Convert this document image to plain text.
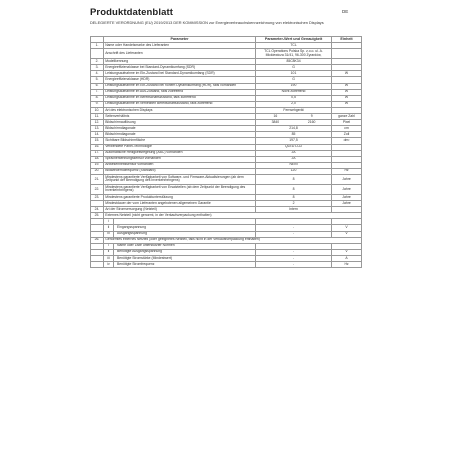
Produktdatenblatt	DE
DELEGIERTE VERORDNUNG (EU) 2019/2013 DER KOMMISSION zur Energieverbrauchskennzeichnung von elektronischen Displays
	Parameter		Parameter-Wert und Genauigkeit	Einheit
1.	Name oder Handelsmarke des Lieferanten		TCL	
	Anschrift des Lieferanten		TCL Operations Polska Sp. z.o.o. ul. A. Mickiewicza 31/41, 96-300 Żyrardów,	
2.	Modellkennung		85C8K34	
3.	Energieeffizienzklasse bei Standard-Dynamikumfang (SDR)		G	
4.	Leistungsaufnahme im Ein-Zustand bei Standard-Dynamikumfang (SDR)		101	W
5.	Energieeffizienzklasse (HDR)		G	
6.	Leistungsaufnahme im Ein-Zustand bei hohem Dynamikumfang (HDR), falls vorhanden		190	W
7.	Leistungsaufnahme im Aus-Zustand, falls zutreffend		Nicht zutreffend	W
8.	Leistungsaufnahme im Bereitschaftszustand, falls zutreffend		0,5	W
9.	Leistungsaufnahme im vernetzten Bereitschaftszustand, falls zutreffend		2,0	W
10.	Art des elektronischen Displays		Fernsehgerät	
11.	Seitenverhältnis		16 9	ganze Zahl
12.	Bildschirmauflösung		3840 2160	Pixel
13.	Bildschirmdiagonale		214,8	cm
14.	Bildschirmdiagonale		85	Zoll
15.	Sichtbare Bildschirmfläche		197,5	dm²
16.	Verwendete Panel-Technologie		QLED LCD	
17.	Automatische Helligkeitsregelung (ABC) vorhanden		JA	
18.	Spracherkennungssensor vorhanden		JA	
19.	Anwesenheitssensor vorhanden		NEIN	
20.	Bildwiederholfrequenz (Standard)		120	Hz
21.	Mindestens garantierte Verfügbarkeit von Software- und Firmware-Aktualisierungen (ab dem Zeitpunkt der Beendigung des Inverkehrbringens)		8	Jahre
22.	Mindestens garantierte Verfügbarkeit von Ersatzteilen (ab dem Zeitpunkt der Beendigung des Inverkehrbringens)		8	Jahre
23.	Mindestens garantierte Produktunterstützung		8	Jahre
	Mindestdauer der vom Lieferanten angebotenen allgemeinen Garantie		2	Jahre
24.	Art der Stromversorgung (Netzteil)		Intern	
25.	Externes Netzteil (nicht genormt, in der Verkaufsverpackung enthalten)			
	i			
	ii	Eingangsspannung	-	V
	iii	Ausgangsspannung	-	V
26.	Genormtes externes Netzteil (oder geeignetes Netzteil, falls nicht in der Verkaufsverpackung enthalten)			
	i	Name oder Liste unterstützter Normen		
	ii	Benötigte Ausgangsspannung	-	V
	iii	Benötigte Stromstärke (Mindestwert)	-	A
	iv	Benötigte Stromfrequenz	-	Hz
